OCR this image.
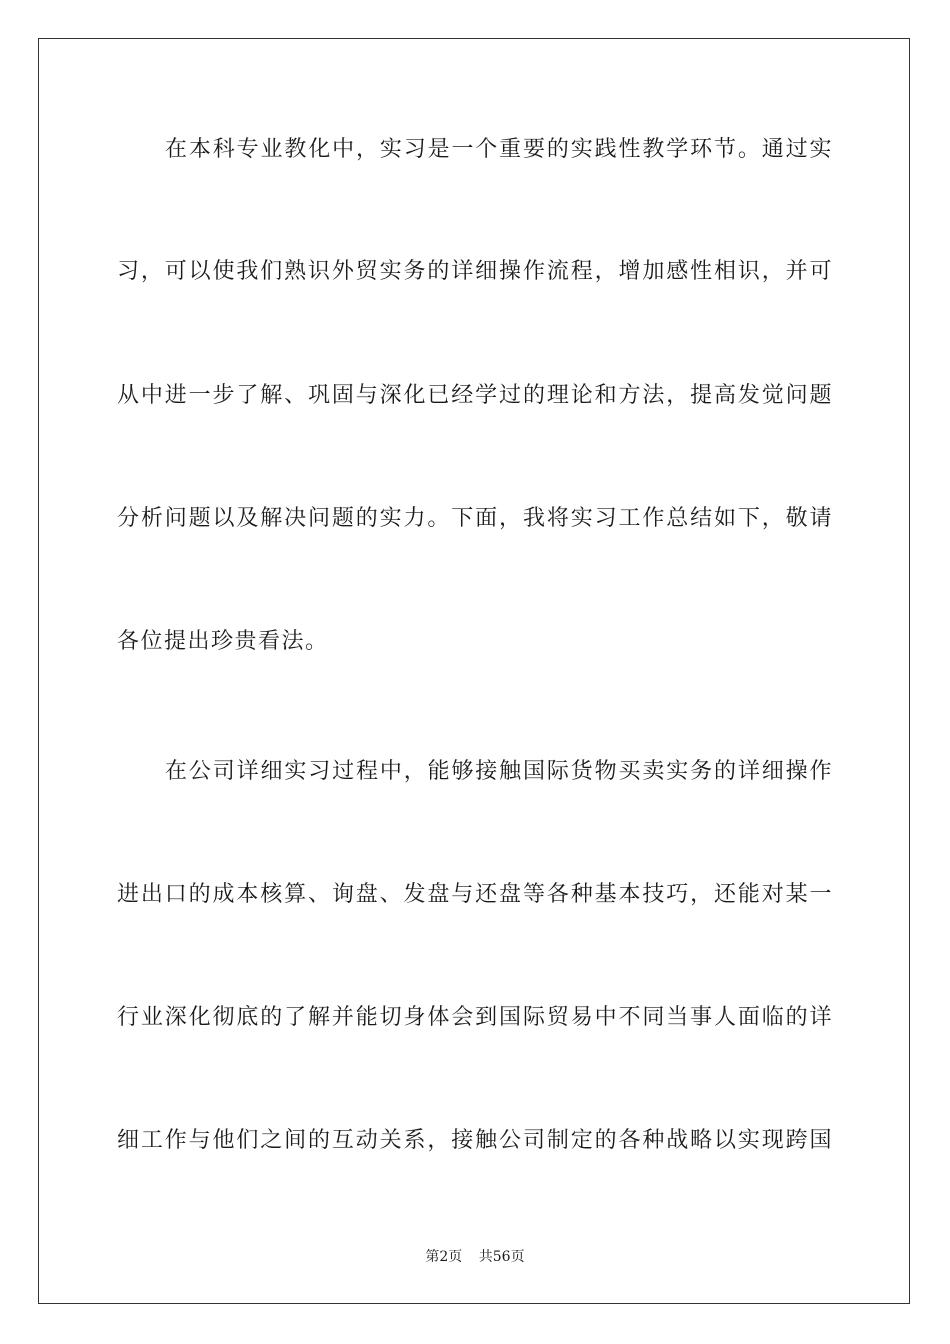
在本科专业教化中，实习是一个重要的实践性教学环节。通过实
习，可以使我们熟识外贸实务的详细操作流程，增加感性相识，并可
从中进一步了解、巩固与深化已经学过的理论和方法，提高发觉问题
分析问题以及解决问题的实力。下面，我将实习工作总结如下，敬请
各位提出珍贵看法。
在公司详细实习过程中，能够接触国际货物买卖实务的详细操作
进出口的成本核算、询盘、发盘与还盘等各种基本技巧，还能对某一
行业深化彻底的了解并能切身体会到国际贸易中不同当事人面临的详
细工作与他们之间的互动关系，接触公司制定的各种战略以实现跨国
第2页 共56页
